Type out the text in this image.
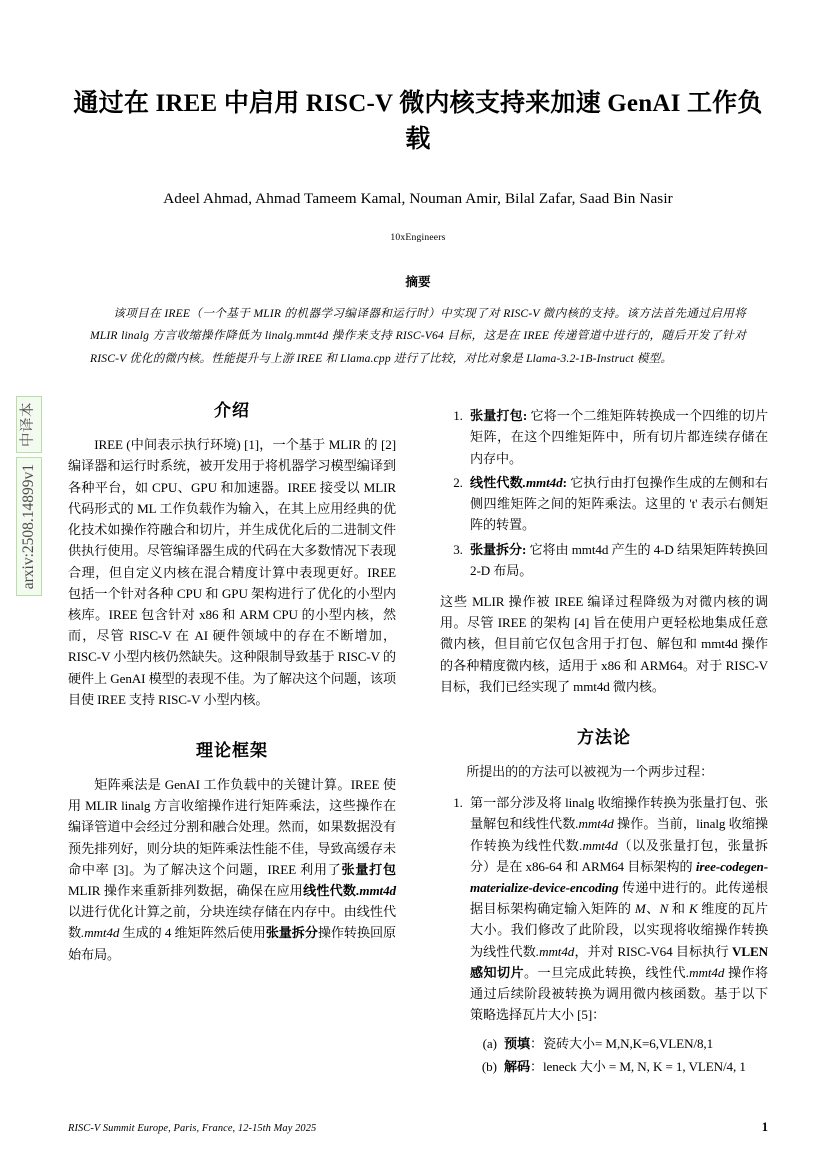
中译本
arxiv:2508.14899v1
通过在 IREE 中启用 RISC-V 微内核支持来加速 GenAI 工作负载
Adeel Ahmad, Ahmad Tameem Kamal, Nouman Amir, Bilal Zafar, Saad Bin Nasir
10xEngineers
摘要
该项目在 IREE（一个基于 MLIR 的机器学习编译器和运行时）中实现了对 RISC-V 微内核的支持。该方法首先通过启用将 MLIR linalg 方言收缩操作降低为 linalg.mmt4d 操作来支持 RISC-V64 目标，这是在 IREE 传递管道中进行的，随后开发了针对 RISC-V 优化的微内核。性能提升与上游 IREE 和 Llama.cpp 进行了比较，对比对象是 Llama-3.2-1B-Instruct 模型。
介绍

IREE (中间表示执行环境) [1]，一个基于 MLIR 的 [2] 编译器和运行时系统，被开发用于将机器学习模型编译到各种平台，如 CPU、GPU 和加速器。IREE 接受以 MLIR 代码形式的 ML 工作负载作为输入，在其上应用经典的优化技术如操作符融合和切片，并生成优化后的二进制文件供执行使用。尽管编译器生成的代码在大多数情况下表现合理，但自定义内核在混合精度计算中表现更好。IREE 包括一个针对各种 CPU 和 GPU 架构进行了优化的小型内核库。IREE 包含针对 x86 和 ARM CPU 的小型内核，然而，尽管 RISC-V 在 AI 硬件领域中的存在不断增加，RISC-V 小型内核仍然缺失。这种限制导致基于 RISC-V 的硬件上 GenAI 模型的表现不佳。为了解决这个问题，该项目使 IREE 支持 RISC-V 小型内核。

理论框架

矩阵乘法是 GenAI 工作负载中的关键计算。IREE 使用 MLIR linalg 方言收缩操作进行矩阵乘法，这些操作在编译管道中会经过分割和融合处理。然而，如果数据没有预先排列好，则分块的矩阵乘法性能不佳，导致高缓存未命中率 [3]。为了解决这个问题，IREE 利用了张量打包 MLIR 操作来重新排列数据，确保在应用线性代数.mmt4d 以进行优化计算之前，分块连续存储在内存中。由线性代数.mmt4d 生成的 4 维矩阵然后使用张量拆分操作转换回原始布局。

1. 张量打包: 它将一个二维矩阵转换成一个四维的切片矩阵，在这个四维矩阵中，所有切片都连续存储在内存中。
2. 线性代数.mmt4d: 它执行由打包操作生成的左侧和右侧四维矩阵之间的矩阵乘法。这里的 't' 表示右侧矩阵的转置。
3. 张量拆分: 它将由 mmt4d 产生的 4-D 结果矩阵转换回 2-D 布局。

这些 MLIR 操作被 IREE 编译过程降级为对微内核的调用。尽管 IREE 的架构 [4] 旨在使用户更轻松地集成任意微内核，但目前它仅包含用于打包、解包和 mmt4d 操作的各种精度微内核，适用于 x86 和 ARM64。对于 RISC-V 目标，我们已经实现了 mmt4d 微内核。

方法论

所提出的的方法可以被视为一个两步过程：

1. 第一部分涉及将 linalg 收缩操作转换为张量打包、张量解包和线性代数.mmt4d 操作。当前，linalg 收缩操作转换为线性代数.mmt4d（以及张量打包，张量拆分）是在 x86-64 和 ARM64 目标架构的 iree-codegen-materialize-device-encoding 传递中进行的。此传递根据目标架构确定输入矩阵的 M、N 和 K 维度的瓦片大小。我们修改了此阶段，以实现将收缩操作转换为线性代数.mmt4d，并对 RISC-V64 目标执行 VLEN 感知切片。一旦完成此转换，线性代.mmt4d 操作将通过后续阶段被转换为调用微内核函数。基于以下策略选择瓦片大小 [5]：
a. 预填：瓷砖大小= M,N,K=6,VLEN/8,1
b. 解码：leneck 大小 = M, N, K = 1, VLEN/4, 1
RISC-V Summit Europe, Paris, France, 12-15th May 2025	1
